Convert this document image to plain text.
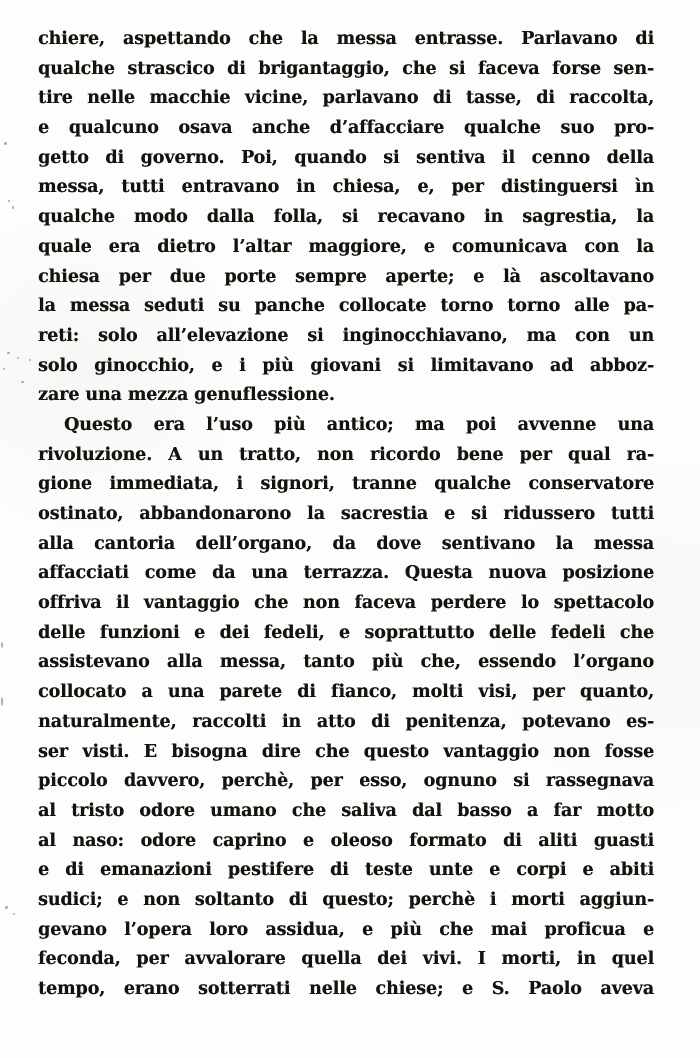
chiere, aspettando che la messa entrasse. Parlavano di
qualche strascico di brigantaggio, che si faceva forse sen-
tire nelle macchie vicine, parlavano di tasse, di raccolta,
e qualcuno osava anche d’affacciare qualche suo pro-
getto di governo. Poi, quando si sentiva il cenno della
messa, tutti entravano in chiesa, e, per distinguersi ìn
qualche modo dalla folla, si recavano in sagrestia, la
quale era dietro l’altar maggiore, e comunicava con la
chiesa per due porte sempre aperte; e là ascoltavano
la messa seduti su panche collocate torno torno alle pa-
reti: solo all’elevazione si inginocchiavano, ma con un
solo ginocchio, e i più giovani si limitavano ad abboz-
zare una mezza genuflessione.
Questo era l’uso più antico; ma poi avvenne una
rivoluzione. A un tratto, non ricordo bene per qual ra-
gione immediata, i signori, tranne qualche conservatore
ostinato, abbandonarono la sacrestia e si ridussero tutti
alla cantoria dell’organo, da dove sentivano la messa
affacciati come da una terrazza. Questa nuova posizione
offriva il vantaggio che non faceva perdere lo spettacolo
delle funzioni e dei fedeli, e soprattutto delle fedeli che
assistevano alla messa, tanto più che, essendo l’organo
collocato a una parete di fianco, molti visi, per quanto,
naturalmente, raccolti in atto di penitenza, potevano es-
ser visti. E bisogna dire che questo vantaggio non fosse
piccolo davvero, perchè, per esso, ognuno si rassegnava
al tristo odore umano che saliva dal basso a far motto
al naso: odore caprino e oleoso formato di aliti guasti
e di emanazioni pestifere di teste unte e corpi e abiti
sudici; e non soltanto di questo; perchè i morti aggiun-
gevano l’opera loro assidua, e più che mai proficua e
feconda, per avvalorare quella dei vivi. I morti, in quel
tempo, erano sotterrati nelle chiese; e S. Paolo aveva
